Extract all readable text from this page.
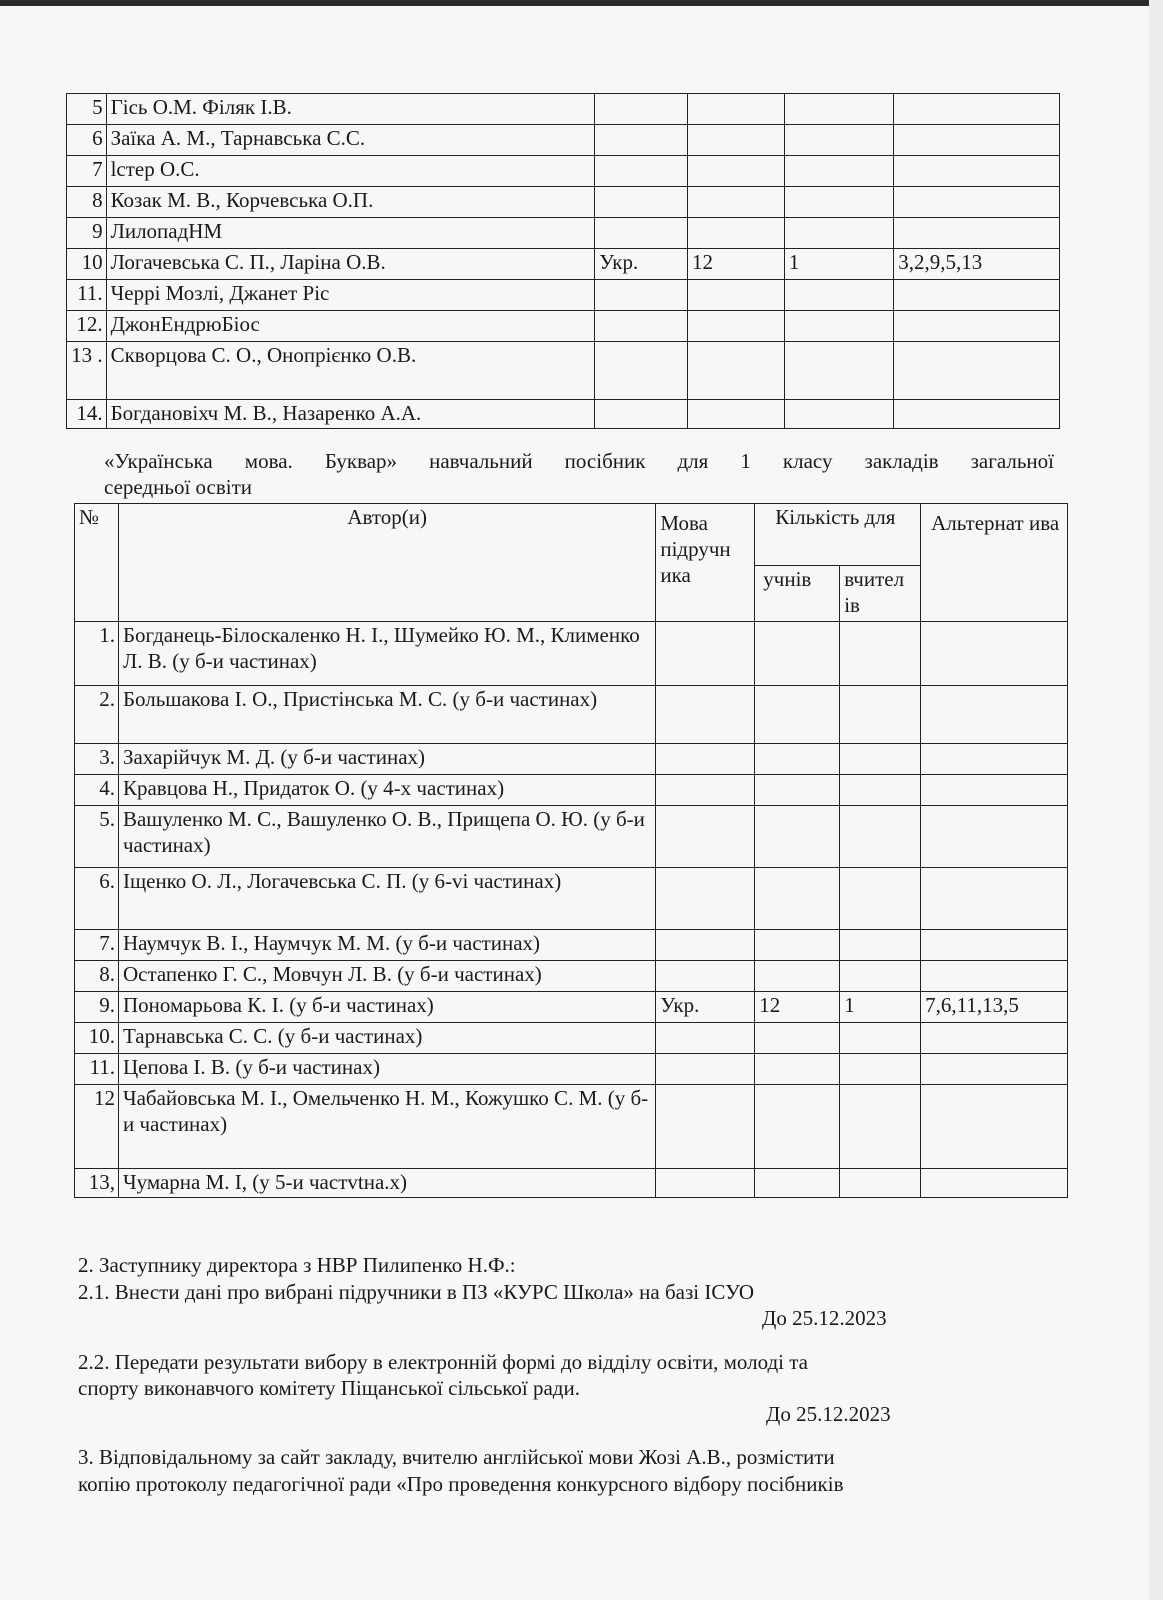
5	Гісь О.М. Філяк І.В.				
6	Заїка А. М., Тарнавська С.С.				
7	lстер О.С.				
8	Козак М. В., Корчевська О.П.				
9	ЛилопадНМ				
10	Логачевська С. П., Ларіна О.В.	Укр.	12	1	3,2,9,5,13
11.	Черрі Мозлі, Джанет Ріс				
12.	ДжонЕндрюБіос				
13 .	Скворцова С. О., Онопрієнко О.В.				
14.	Богдановіхч М. В., Назаренко А.А.				
«Українська мова. Буквар» навчальний посібник для 1 класу закладів загальної
середньої освіти
№	Автор(и)	Мова підручн ика	Кількість для		Альтернат ива
			учнів	вчител ів	
1.	Богданець-Білоскаленко Н. І., Шумейко Ю. М., Клименко Л. В. (у б-и частинах)				
2.	Большакова І. О., Пристінська М. С. (у б-и частинах)				
3.	Захарійчук М. Д. (у б-и частинах)				
4.	Кравцова Н., Придаток О. (у 4-х частинах)				
5.	Вашуленко М. С., Вашуленко О. В., Прищепа О. Ю. (у б-и частинах)				
6.	Іщенко О. Л., Логачевська С. П. (у 6-vі частинах)				
7.	Наумчук В. І., Наумчук М. М. (у б-и частинах)				
8.	Остапенко Г. С., Мовчун Л. В. (у б-и частинах)				
9.	Пономарьова К. І. (у б-и частинах)	Укр.	12	1	7,6,11,13,5
10.	Тарнавська С. С. (у б-и частинах)				
11.	Цепова І. В. (у б-и частинах)				
12	Чабайовська М. І., Омельченко Н. М., Кожушко С. М. (у б-и частинах)				
13,	Чумарна М. І, (у 5-и частvtна.х)				
2. Заступнику директора з НВР Пилипенко Н.Ф.:
2.1. Внести дані про вибрані підручники в ПЗ «КУРС Школа» на базі ІСУО
До 25.12.2023
2.2. Передати результати вибору в електронній формі до відділу освіти, молоді та
спорту виконавчого комітету Піщанської сільської ради.
До 25.12.2023
3. Відповідальному за сайт закладу, вчителю англійської мови Жозі А.В., розмістити
копію протоколу педагогічної ради «Про проведення конкурсного відбору посібників
